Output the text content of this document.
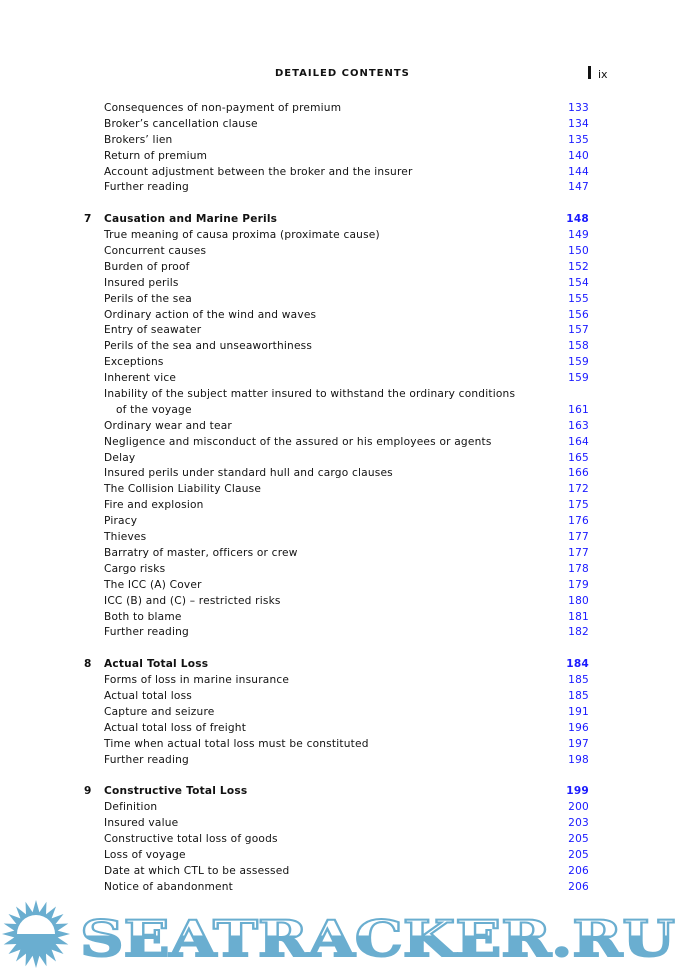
DETAILED CONTENTS	ix
Consequences of non-payment of premium	133
Broker’s cancellation clause	134
Brokers’ lien	135
Return of premium	140
Account adjustment between the broker and the insurer	144
Further reading	147
7 Causation and Marine Perils	148
True meaning of causa proxima (proximate cause)	149
Concurrent causes	150
Burden of proof	152
Insured perils	154
Perils of the sea	155
Ordinary action of the wind and waves	156
Entry of seawater	157
Perils of the sea and unseaworthiness	158
Exceptions	159
Inherent vice	159
Inability of the subject matter insured to withstand the ordinary conditions
of the voyage	161
Ordinary wear and tear	163
Negligence and misconduct of the assured or his employees or agents	164
Delay	165
Insured perils under standard hull and cargo clauses	166
The Collision Liability Clause	172
Fire and explosion	175
Piracy	176
Thieves	177
Barratry of master, officers or crew	177
Cargo risks	178
The ICC (A) Cover	179
ICC (B) and (C) – restricted risks	180
Both to blame	181
Further reading	182
8 Actual Total Loss	184
Forms of loss in marine insurance	185
Actual total loss	185
Capture and seizure	191
Actual total loss of freight	196
Time when actual total loss must be constituted	197
Further reading	198
9 Constructive Total Loss	199
Definition	200
Insured value	203
Constructive total loss of goods	205
Loss of voyage	205
Date at which CTL to be assessed	206
Notice of abandonment	206
SEATRACKER.RU
